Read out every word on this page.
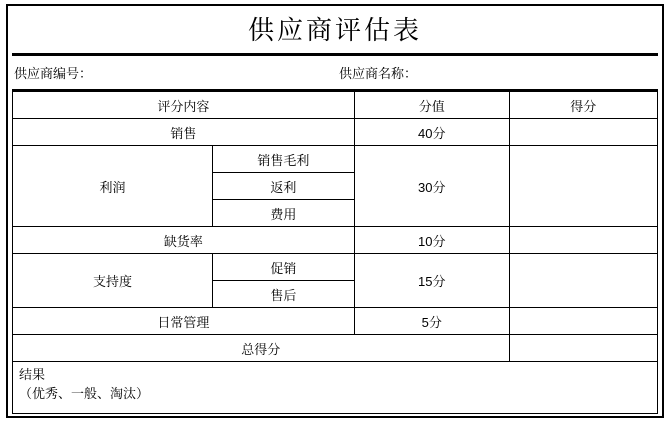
供应商评估表
供应商编号：	供应商名称：
评分内容		分值	得分
销售		40分	
利润	销售毛利	30分	
	返利		
	费用		
缺货率		10分	
支持度	促销	15分	
	售后		
日常管理		5分	
总得分			
结果
（优秀、一般、淘汰）
